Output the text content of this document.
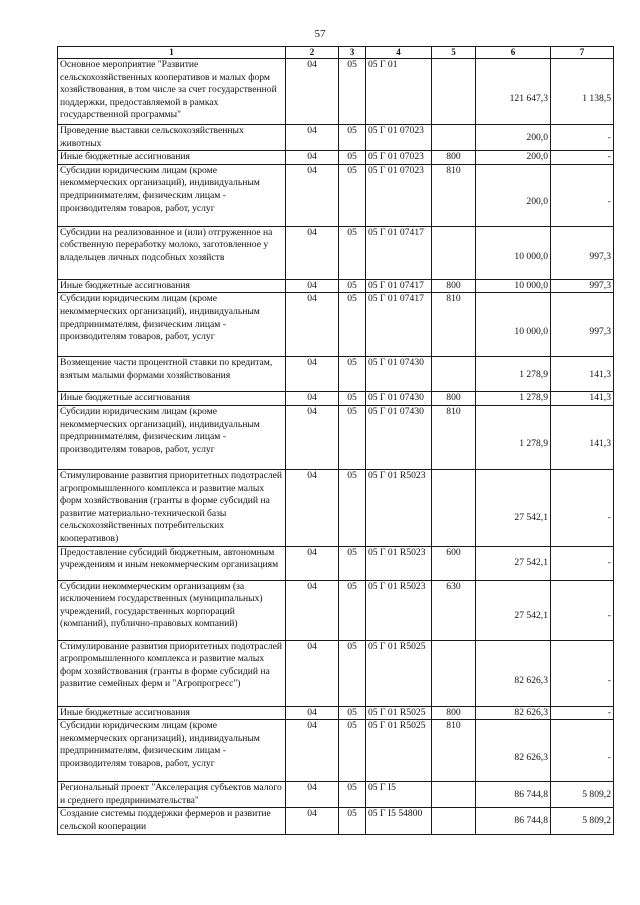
57
1	2	3	4	5	6	7
Основное мероприятие "Развитие сельскохозяйственных кооперативов и малых форм хозяйствования, в том числе за счет государственной поддержки, предоставляемой в рамках государственной программы"	04	05	05 Г 01		121 647,3	1 138,5
Проведение выставки сельскохозяйственных животных	04	05	05 Г 01 07023		200,0	-
Иные бюджетные ассигнования	04	05	05 Г 01 07023	800	200,0	-
Субсидии юридическим лицам (кроме некоммерческих организаций), индивидуальным предпринимателям, физическим лицам - производителям товаров, работ, услуг	04	05	05 Г 01 07023	810	200,0	-
Субсидии на реализованное и (или) отгруженное на собственную переработку молоко, заготовленное у владельцев личных подсобных хозяйств	04	05	05 Г 01 07417		10 000,0	997,3
Иные бюджетные ассигнования	04	05	05 Г 01 07417	800	10 000,0	997,3
Субсидии юридическим лицам (кроме некоммерческих организаций), индивидуальным предпринимателям, физическим лицам - производителям товаров, работ, услуг	04	05	05 Г 01 07417	810	10 000,0	997,3
Возмещение части процентной ставки по кредитам, взятым малыми формами хозяйствования	04	05	05 Г 01 07430		1 278,9	141,3
Иные бюджетные ассигнования	04	05	05 Г 01 07430	800	1 278,9	141,3
Субсидии юридическим лицам (кроме некоммерческих организаций), индивидуальным предпринимателям, физическим лицам - производителям товаров, работ, услуг	04	05	05 Г 01 07430	810	1 278,9	141,3
Стимулирование развития приоритетных подотраслей агропромышленного комплекса и развитие малых форм хозяйствования (гранты в форме субсидий на развитие материально-технической базы сельскохозяйственных потребительских кооперативов)	04	05	05 Г 01 R5023		27 542,1	-
Предоставление субсидий бюджетным, автономным учреждениям и иным некоммерческим организациям	04	05	05 Г 01 R5023	600	27 542,1	-
Субсидии некоммерческим организациям (за исключением государственных (муниципальных) учреждений, государственных корпораций (компаний), публично-правовых компаний)	04	05	05 Г 01 R5023	630	27 542,1	-
Стимулирование развития приоритетных подотраслей агропромышленного комплекса и развитие малых форм хозяйствования (гранты в форме субсидий на развитие семейных ферм и "Агропрогресс")	04	05	05 Г 01 R5025		82 626,3	-
Иные бюджетные ассигнования	04	05	05 Г 01 R5025	800	82 626,3	-
Субсидии юридическим лицам (кроме некоммерческих организаций), индивидуальным предпринимателям, физическим лицам - производителям товаров, работ, услуг	04	05	05 Г 01 R5025	810	82 626,3	-
Региональный проект "Акселерация субъектов малого и среднего предпринимательства"	04	05	05 Г I5		86 744,8	5 809,2
Создание системы поддержки фермеров и развитие сельской кооперации	04	05	05 Г I5 54800		86 744,8	5 809,2
